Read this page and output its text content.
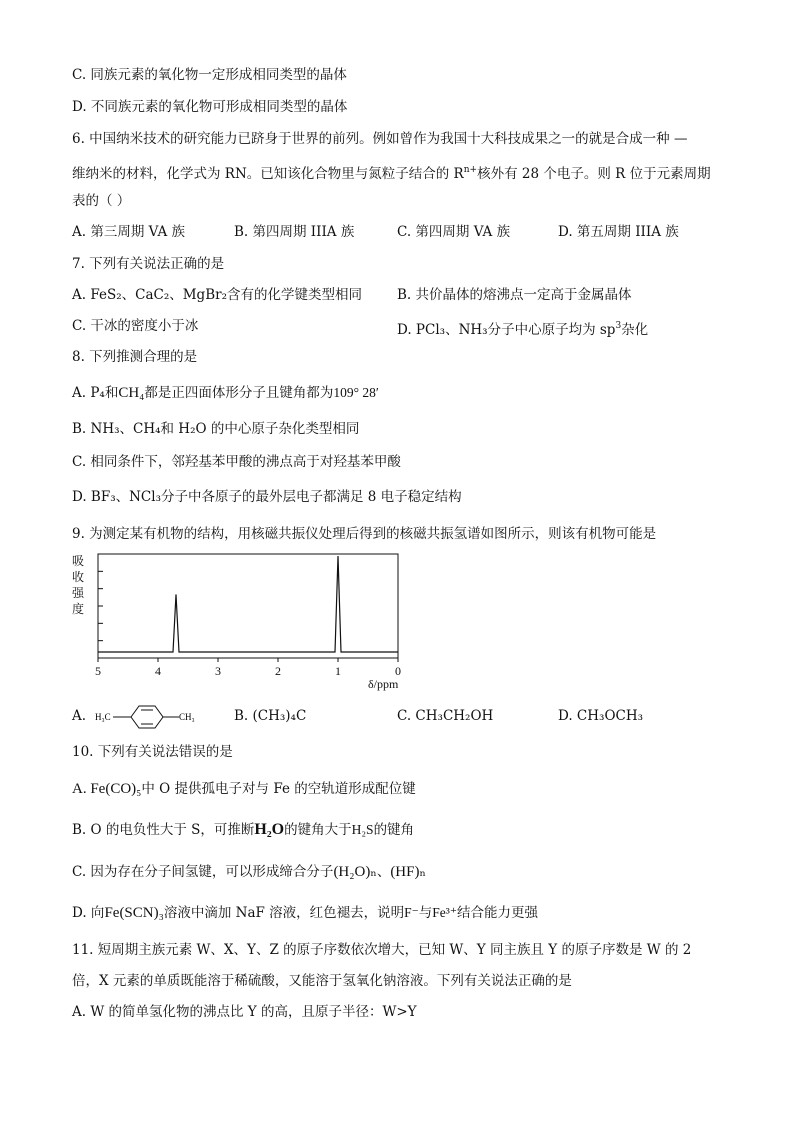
C. 同族元素的氧化物一定形成相同类型的晶体
D. 不同族元素的氧化物可形成相同类型的晶体
6. 中国纳米技术的研究能力已跻身于世界的前列。例如曾作为我国十大科技成果之一的就是合成一种 —
维纳米的材料，化学式为 RN。已知该化合物里与氮粒子结合的 $R^{n+}$核外有 28 个电子。则 R 位于元素周期
表的（ ）
A. 第三周期 VA 族	B. 第四周期 IIIA 族	C. 第四周期 VA 族	D. 第五周期 IIIA 族
7. 下列有关说法正确的是
A. FeS₂、CaC₂、MgBr₂含有的化学键类型相同	B. 共价晶体的熔沸点一定高于金属晶体
C. 干冰的密度小于冰	D. PCl₃、NH₃分子中心原子均为 $sp^3$杂化
8. 下列推测合理的是
A. P₄和CH₄都是正四面体形分子且键角都为109° 28′
B. NH₃、CH₄和 H₂O 的中心原子杂化类型相同
C. 相同条件下，邻羟基苯甲酸的沸点高于对羟基苯甲酸
D. BF₃、NCl₃分子中各原子的最外层电子都满足 8 电子稳定结构
9. 为测定某有机物的结构，用核磁共振仪处理后得到的核磁共振氢谱如图所示，则该有机物可能是
吸
收
强
度
5	4	3	2	1	0
δ/ppm
A. H₃C	CH₃	B. (CH₃)₄C	C. CH₃CH₂OH	D. CH₃OCH₃
10. 下列有关说法错误的是
A. Fe(CO)₅中 O 提供孤电子对与 Fe 的空轨道形成配位键
B. O 的电负性大于 S，可推断H₂O的键角大于H₂S的键角
C. 因为存在分子间氢键，可以形成缔合分子(H₂O)ₙ、(HF)ₙ
D. 向Fe(SCN)₃溶液中滴加 NaF 溶液，红色褪去，说明F⁻与Fe³⁺结合能力更强
11. 短周期主族元素 W、X、Y、Z 的原子序数依次增大，已知 W、Y 同主族且 Y 的原子序数是 W 的 2
倍，X 元素的单质既能溶于稀硫酸，又能溶于氢氧化钠溶液。下列有关说法正确的是
A. W 的简单氢化物的沸点比 Y 的高，且原子半径：W>Y
